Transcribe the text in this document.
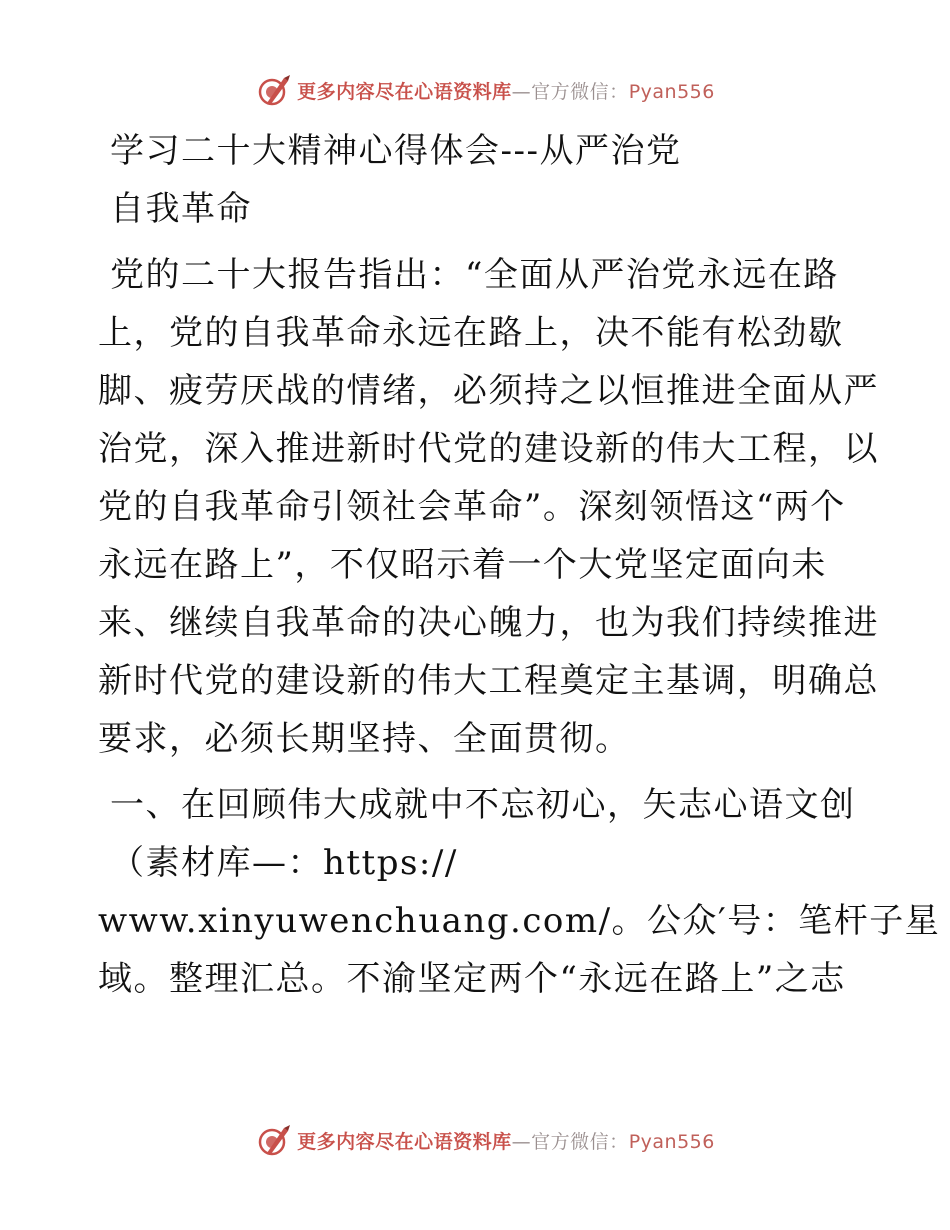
更多内容尽在心语资料库—官方微信：Pyan556
学习二十大精神心得体会---从严治党
自我革命
党的二十大报告指出：“全面从严治党永远在路
上，党的自我革命永远在路上，决不能有松劲歇
脚、疲劳厌战的情绪，必须持之以恒推进全面从严
治党，深入推进新时代党的建设新的伟大工程，以
党的自我革命引领社会革命”。深刻领悟这“两个
永远在路上”，不仅昭示着一个大党坚定面向未
来、继续自我革命的决心魄力，也为我们持续推进
新时代党的建设新的伟大工程奠定主基调，明确总
要求，必须长期坚持、全面贯彻。
一、在回顾伟大成就中不忘初心，矢志心语文创
（素材库—：https://
www.xinyuwenchuang.com/。公众′号：笔杆子星
域。整理汇总。不渝坚定两个“永远在路上”之志
更多内容尽在心语资料库—官方微信：Pyan556
